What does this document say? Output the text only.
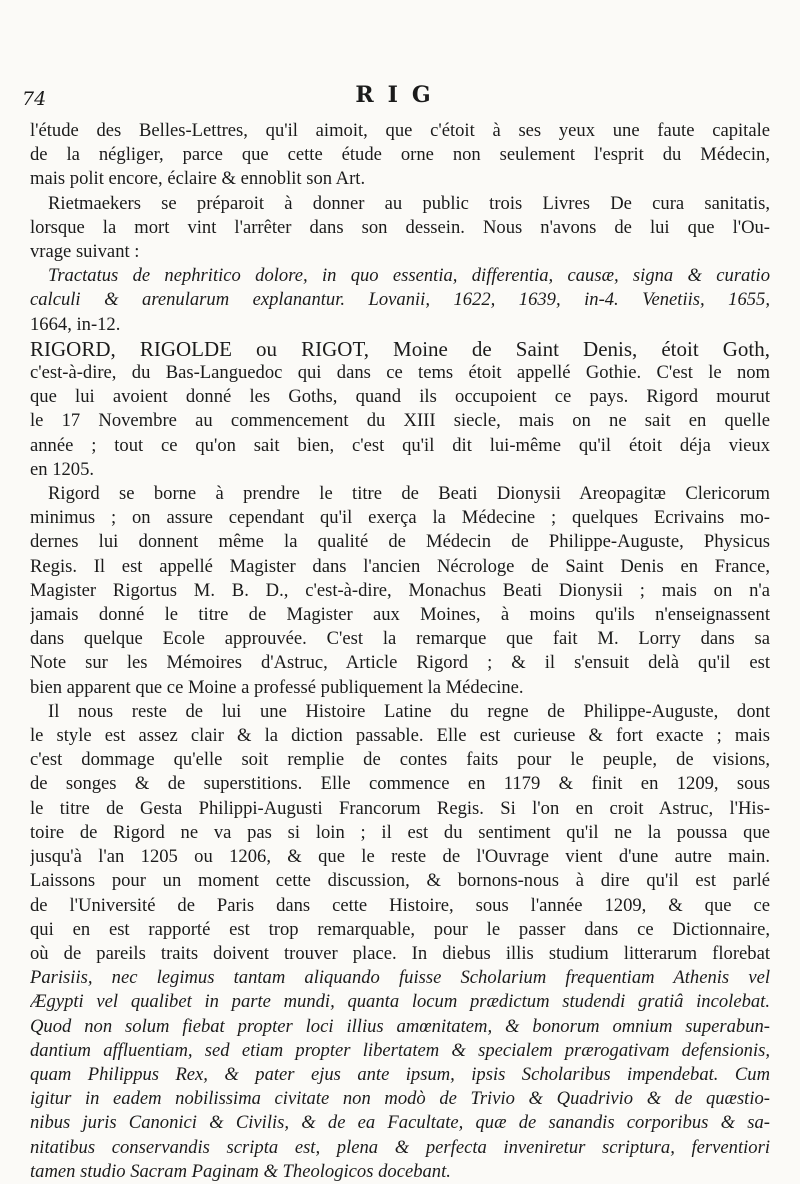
74	RIG
l'étude des Belles-Lettres, qu'il aimoit, que c'étoit à ses yeux une faute capitale
de la négliger, parce que cette étude orne non seulement l'esprit du Médecin,
mais polit encore, éclaire & ennoblit son Art.
Rietmaekers se préparoit à donner au public trois Livres De cura sanitatis,
lorsque la mort vint l'arrêter dans son dessein. Nous n'avons de lui que l'Ou-
vrage suivant :
Tractatus de nephritico dolore, in quo essentia, differentia, causæ, signa & curatio
calculi & arenularum explanantur. Lovanii, 1622, 1639, in-4. Venetiis, 1655,
1664, in-12.
RIGORD, RIGOLDE ou RIGOT, Moine de Saint Denis, étoit Goth,
c'est-à-dire, du Bas-Languedoc qui dans ce tems étoit appellé Gothie. C'est le nom
que lui avoient donné les Goths, quand ils occupoient ce pays. Rigord mourut
le 17 Novembre au commencement du XIII siecle, mais on ne sait en quelle
année ; tout ce qu'on sait bien, c'est qu'il dit lui-même qu'il étoit déja vieux
en 1205.
Rigord se borne à prendre le titre de Beati Dionysii Areopagitæ Clericorum
minimus ; on assure cependant qu'il exerça la Médecine ; quelques Ecrivains mo-
dernes lui donnent même la qualité de Médecin de Philippe-Auguste, Physicus
Regis. Il est appellé Magister dans l'ancien Nécrologe de Saint Denis en France,
Magister Rigortus M. B. D., c'est-à-dire, Monachus Beati Dionysii ; mais on n'a
jamais donné le titre de Magister aux Moines, à moins qu'ils n'enseignassent
dans quelque Ecole approuvée. C'est la remarque que fait M. Lorry dans sa
Note sur les Mémoires d'Astruc, Article Rigord ; & il s'ensuit delà qu'il est
bien apparent que ce Moine a professé publiquement la Médecine.
Il nous reste de lui une Histoire Latine du regne de Philippe-Auguste, dont
le style est assez clair & la diction passable. Elle est curieuse & fort exacte ; mais
c'est dommage qu'elle soit remplie de contes faits pour le peuple, de visions,
de songes & de superstitions. Elle commence en 1179 & finit en 1209, sous
le titre de Gesta Philippi-Augusti Francorum Regis. Si l'on en croit Astruc, l'His-
toire de Rigord ne va pas si loin ; il est du sentiment qu'il ne la poussa que
jusqu'à l'an 1205 ou 1206, & que le reste de l'Ouvrage vient d'une autre main.
Laissons pour un moment cette discussion, & bornons-nous à dire qu'il est parlé
de l'Université de Paris dans cette Histoire, sous l'année 1209, & que ce
qui en est rapporté est trop remarquable, pour le passer dans ce Dictionnaire,
où de pareils traits doivent trouver place. In diebus illis studium litterarum florebat
Parisiis, nec legimus tantam aliquando fuisse Scholarium frequentiam Athenis vel
Ægypti vel qualibet in parte mundi, quanta locum prædictum studendi gratiâ incolebat.
Quod non solum fiebat propter loci illius amœnitatem, & bonorum omnium superabun-
dantium affluentiam, sed etiam propter libertatem & specialem prærogativam defensionis,
quam Philippus Rex, & pater ejus ante ipsum, ipsis Scholaribus impendebat. Cum
igitur in eadem nobilissima civitate non modò de Trivio & Quadrivio & de quæstio-
nibus juris Canonici & Civilis, & de ea Facultate, quæ de sanandis corporibus & sa-
nitatibus conservandis scripta est, plena & perfecta inveniretur scriptura, ferventiori
tamen studio Sacram Paginam & Theologicos docebant.
